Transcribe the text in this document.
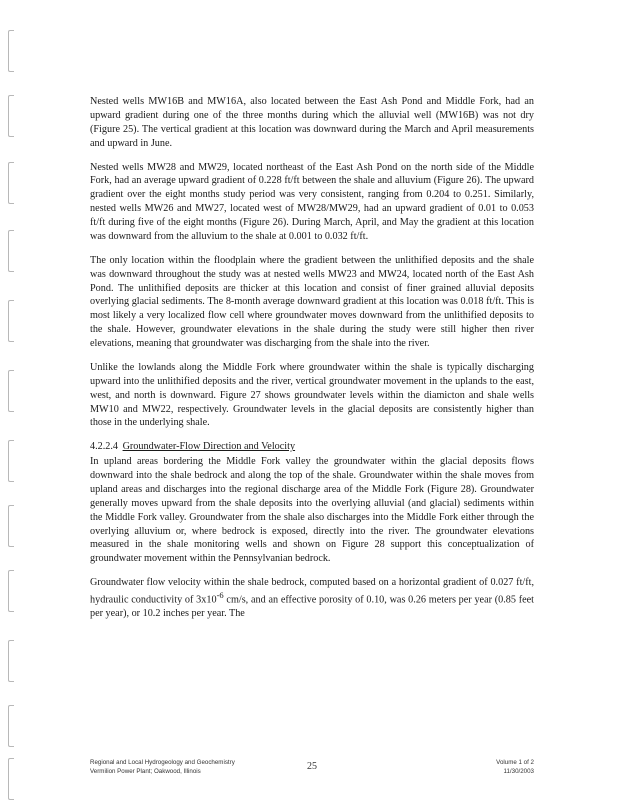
Nested wells MW16B and MW16A, also located between the East Ash Pond and Middle Fork, had an upward gradient during one of the three months during which the alluvial well (MW16B) was not dry (Figure 25). The vertical gradient at this location was downward during the March and April measurements and upward in June.

Nested wells MW28 and MW29, located northeast of the East Ash Pond on the north side of the Middle Fork, had an average upward gradient of 0.228 ft/ft between the shale and alluvium (Figure 26). The upward gradient over the eight months study period was very consistent, ranging from 0.204 to 0.251. Similarly, nested wells MW26 and MW27, located west of MW28/MW29, had an upward gradient of 0.01 to 0.053 ft/ft during five of the eight months (Figure 26). During March, April, and May the gradient at this location was downward from the alluvium to the shale at 0.001 to 0.032 ft/ft.

The only location within the floodplain where the gradient between the unlithified deposits and the shale was downward throughout the study was at nested wells MW23 and MW24, located north of the East Ash Pond. The unlithified deposits are thicker at this location and consist of finer grained alluvial deposits overlying glacial sediments. The 8-month average downward gradient at this location was 0.018 ft/ft. This is most likely a very localized flow cell where groundwater moves downward from the unlithified deposits to the shale. However, groundwater elevations in the shale during the study were still higher then river elevations, meaning that groundwater was discharging from the shale into the river.

Unlike the lowlands along the Middle Fork where groundwater within the shale is typically discharging upward into the unlithified deposits and the river, vertical groundwater movement in the uplands to the east, west, and north is downward. Figure 27 shows groundwater levels within the diamicton and shale wells MW10 and MW22, respectively. Groundwater levels in the glacial deposits are consistently higher than those in the underlying shale.

4.2.2.4 Groundwater-Flow Direction and Velocity

In upland areas bordering the Middle Fork valley the groundwater within the glacial deposits flows downward into the shale bedrock and along the top of the shale. Groundwater within the shale moves from upland areas and discharges into the regional discharge area of the Middle Fork (Figure 28). Groundwater generally moves upward from the shale deposits into the overlying alluvial (and glacial) sediments within the Middle Fork valley. Groundwater from the shale also discharges into the Middle Fork either through the overlying alluvium or, where bedrock is exposed, directly into the river. The groundwater elevations measured in the shale monitoring wells and shown on Figure 28 support this conceptualization of groundwater movement within the Pennsylvanian bedrock.

Groundwater flow velocity within the shale bedrock, computed based on a horizontal gradient of 0.027 ft/ft, hydraulic conductivity of $3x10^{-6}$ cm/s, and an effective porosity of 0.10, was 0.26 meters per year (0.85 feet per year), or 10.2 inches per year. The

Regional and Local Hydrogeology and Geochemistry
Vermilion Power Plant; Oakwood, Illinois	25	Volume 1 of 2
11/30/2003
